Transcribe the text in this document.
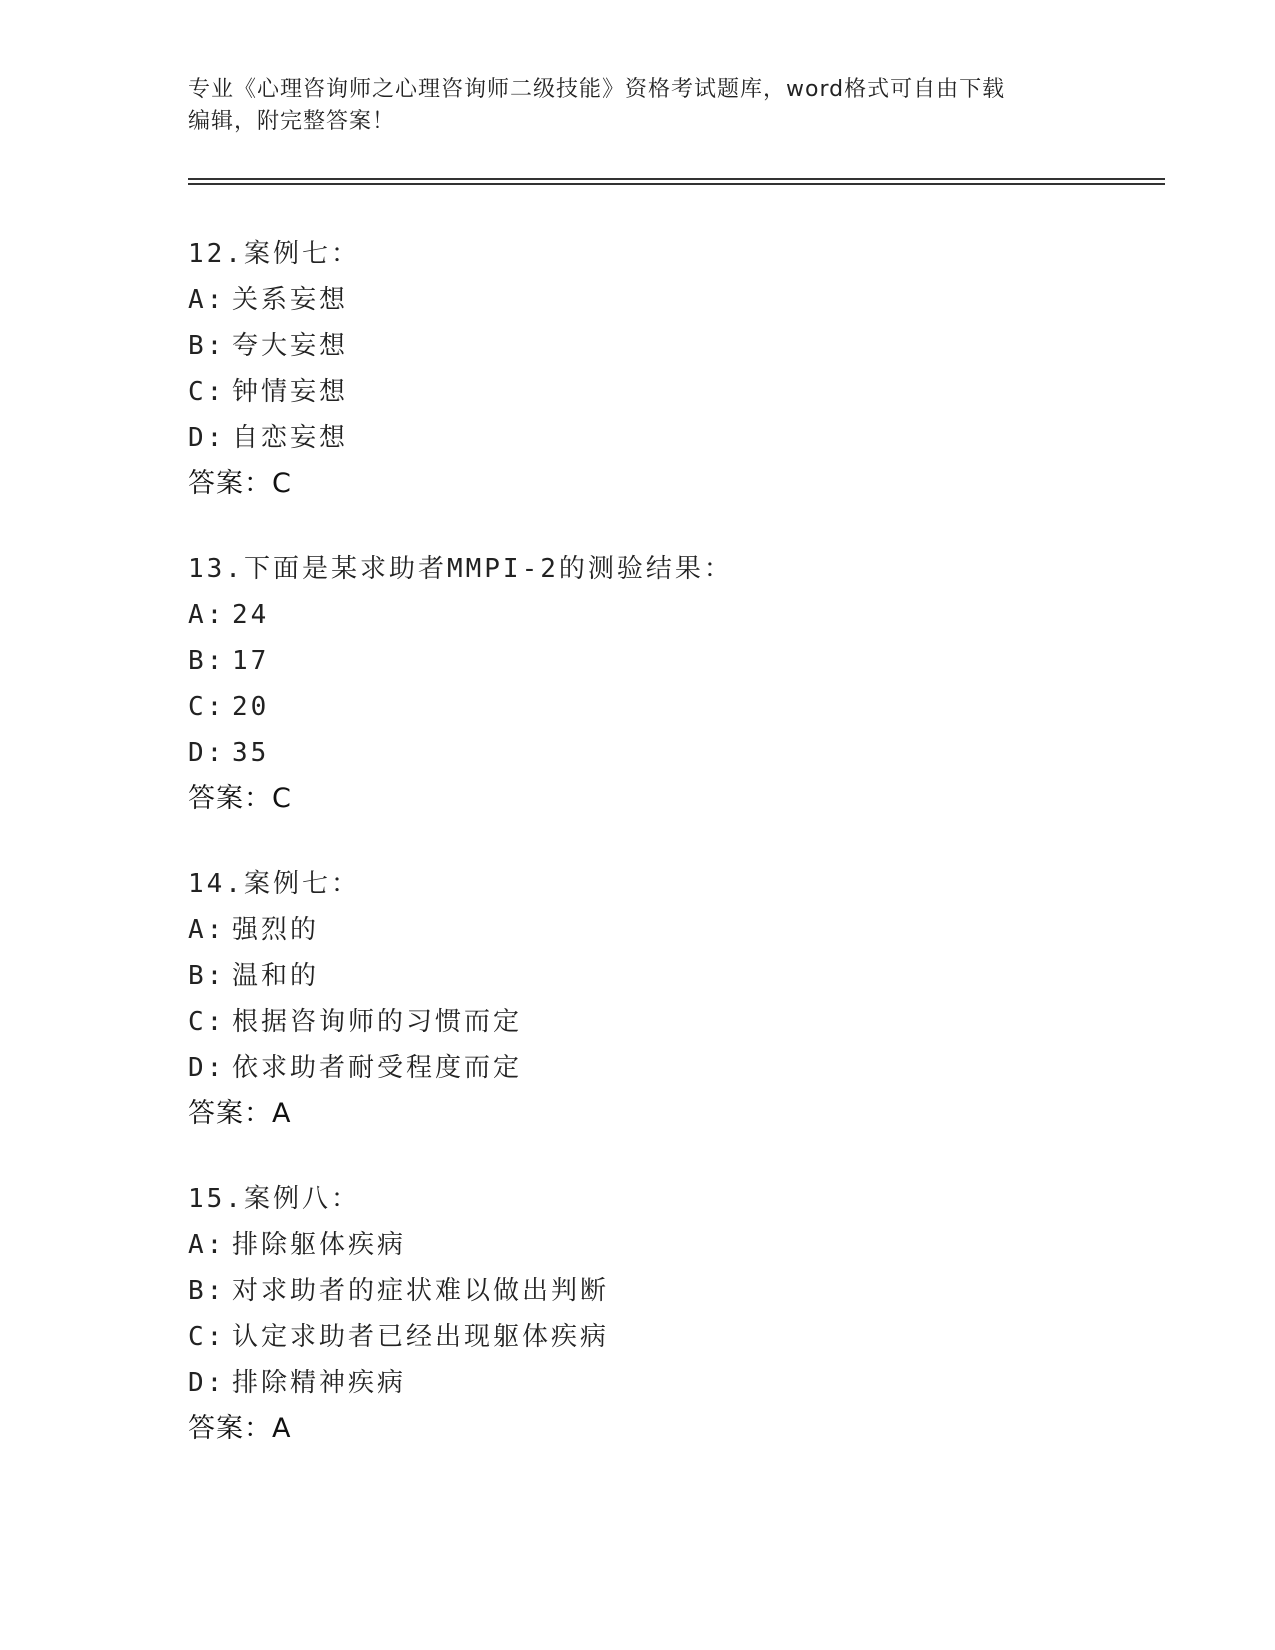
专业《心理咨询师之心理咨询师二级技能》资格考试题库，word格式可自由下载
编辑，附完整答案！
12.案例七：
A: 关系妄想
B: 夸大妄想
C: 钟情妄想
D: 自恋妄想
答案：C
13.下面是某求助者MMPI-2的测验结果：
A: 24
B: 17
C: 20
D: 35
答案：C
14.案例七：
A: 强烈的
B: 温和的
C: 根据咨询师的习惯而定
D: 依求助者耐受程度而定
答案：A
15.案例八：
A: 排除躯体疾病
B: 对求助者的症状难以做出判断
C: 认定求助者已经出现躯体疾病
D: 排除精神疾病
答案：A
